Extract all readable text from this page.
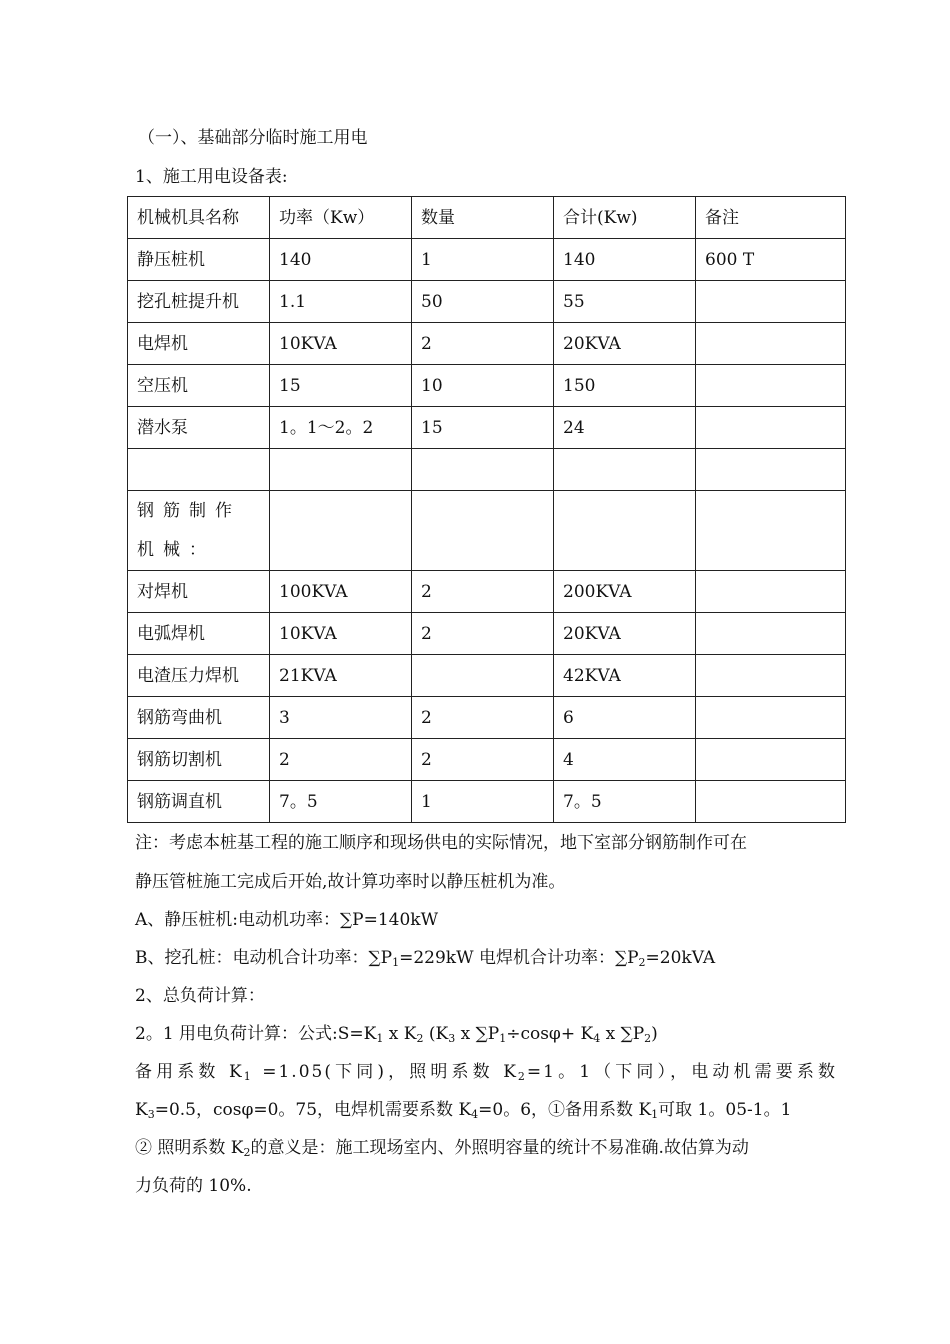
（一）、基础部分临时施工用电
1、施工用电设备表:
机械机具名称	功率（Kw）	数量	合计(Kw)	备注
静压桩机	140	1	140	600 T
挖孔桩提升机	1.1	50	55	
电焊机	10KVA	2	20KVA	
空压机	15	10	150	
潜水泵	1。1～2。2	15	24	

钢筋制作机械：				
对焊机	100KVA	2	200KVA	
电弧焊机	10KVA	2	20KVA	
电渣压力焊机	21KVA		42KVA	
钢筋弯曲机	3	2	6	
钢筋切割机	2	2	4	
钢筋调直机	7。5	1	7。5	
注：考虑本桩基工程的施工顺序和现场供电的实际情况，地下室部分钢筋制作可在
静压管桩施工完成后开始,故计算功率时以静压桩机为准。
A、静压桩机:电动机功率：∑P=140kW
B、挖孔桩：电动机合计功率：$\sum P_1=229kW$ 电焊机合计功率：$\sum P_2=20kVA$
2、总负荷计算：
2。1 用电负荷计算：公式$:S=K_1$ x $K_2$ ($K_3$ x $\sum P_1\div\cos\varphi+ K_4$ x $\sum P_2$)
备用系数 $K_1 =1.05$(下同)，照明系数 $K_2=1$。1（下同），电动机需要系数
$K_3=0.5$，cosφ=0。75，电焊机需要系数 $K_4=0$。6，①备用系数 $K_1$可取 1。05-1。1
② 照明系数 $K_2$的意义是：施工现场室内、外照明容量的统计不易准确.故估算为动
力负荷的 10%.
